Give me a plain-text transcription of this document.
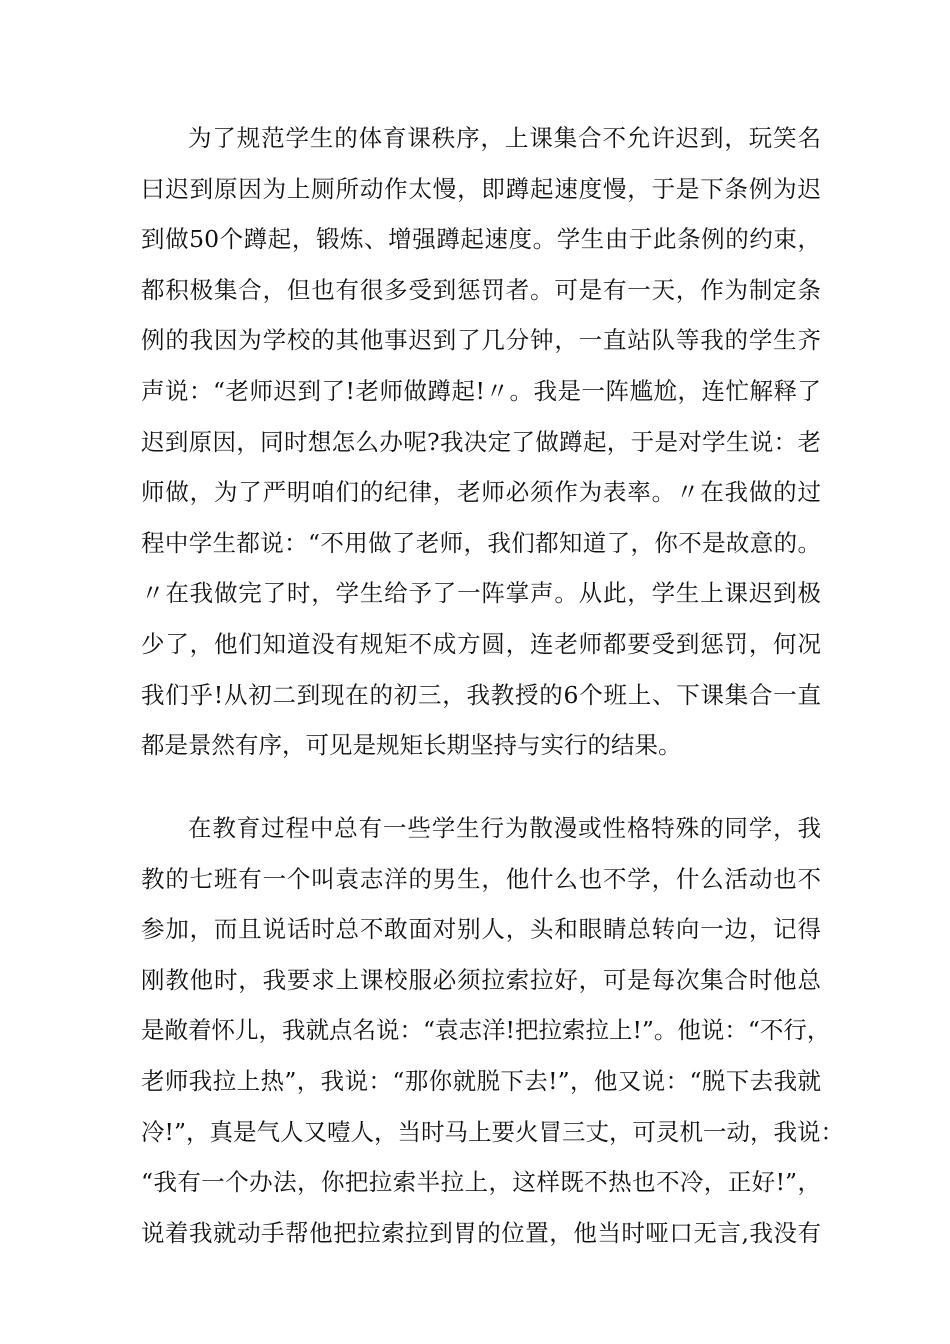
为了规范学生的体育课秩序，上课集合不允许迟到，玩笑名
曰迟到原因为上厕所动作太慢，即蹲起速度慢，于是下条例为迟
到做50个蹲起，锻炼、增强蹲起速度。学生由于此条例的约束，
都积极集合，但也有很多受到惩罚者。可是有一天，作为制定条
例的我因为学校的其他事迟到了几分钟，一直站队等我的学生齐
声说：“老师迟到了!老师做蹲起!〃。我是一阵尴尬，连忙解释了
迟到原因，同时想怎么办呢?我决定了做蹲起，于是对学生说：老
师做，为了严明咱们的纪律，老师必须作为表率。〃在我做的过
程中学生都说：“不用做了老师，我们都知道了，你不是故意的。
〃在我做完了时，学生给予了一阵掌声。从此，学生上课迟到极
少了，他们知道没有规矩不成方圆，连老师都要受到惩罚，何况
我们乎!从初二到现在的初三，我教授的6个班上、下课集合一直
都是景然有序，可见是规矩长期坚持与实行的结果。
在教育过程中总有一些学生行为散漫或性格特殊的同学，我
教的七班有一个叫袁志洋的男生，他什么也不学，什么活动也不
参加，而且说话时总不敢面对别人，头和眼睛总转向一边，记得
刚教他时，我要求上课校服必须拉索拉好，可是每次集合时他总
是敞着怀儿，我就点名说：“袁志洋!把拉索拉上!”。他说：“不行，
老师我拉上热”，我说：“那你就脱下去!”，他又说：“脱下去我就
冷!”，真是气人又噎人，当时马上要火冒三丈，可灵机一动，我说：
“我有一个办法，你把拉索半拉上，这样既不热也不冷，正好!”，
说着我就动手帮他把拉索拉到胃的位置，他当时哑口无言,我没有
